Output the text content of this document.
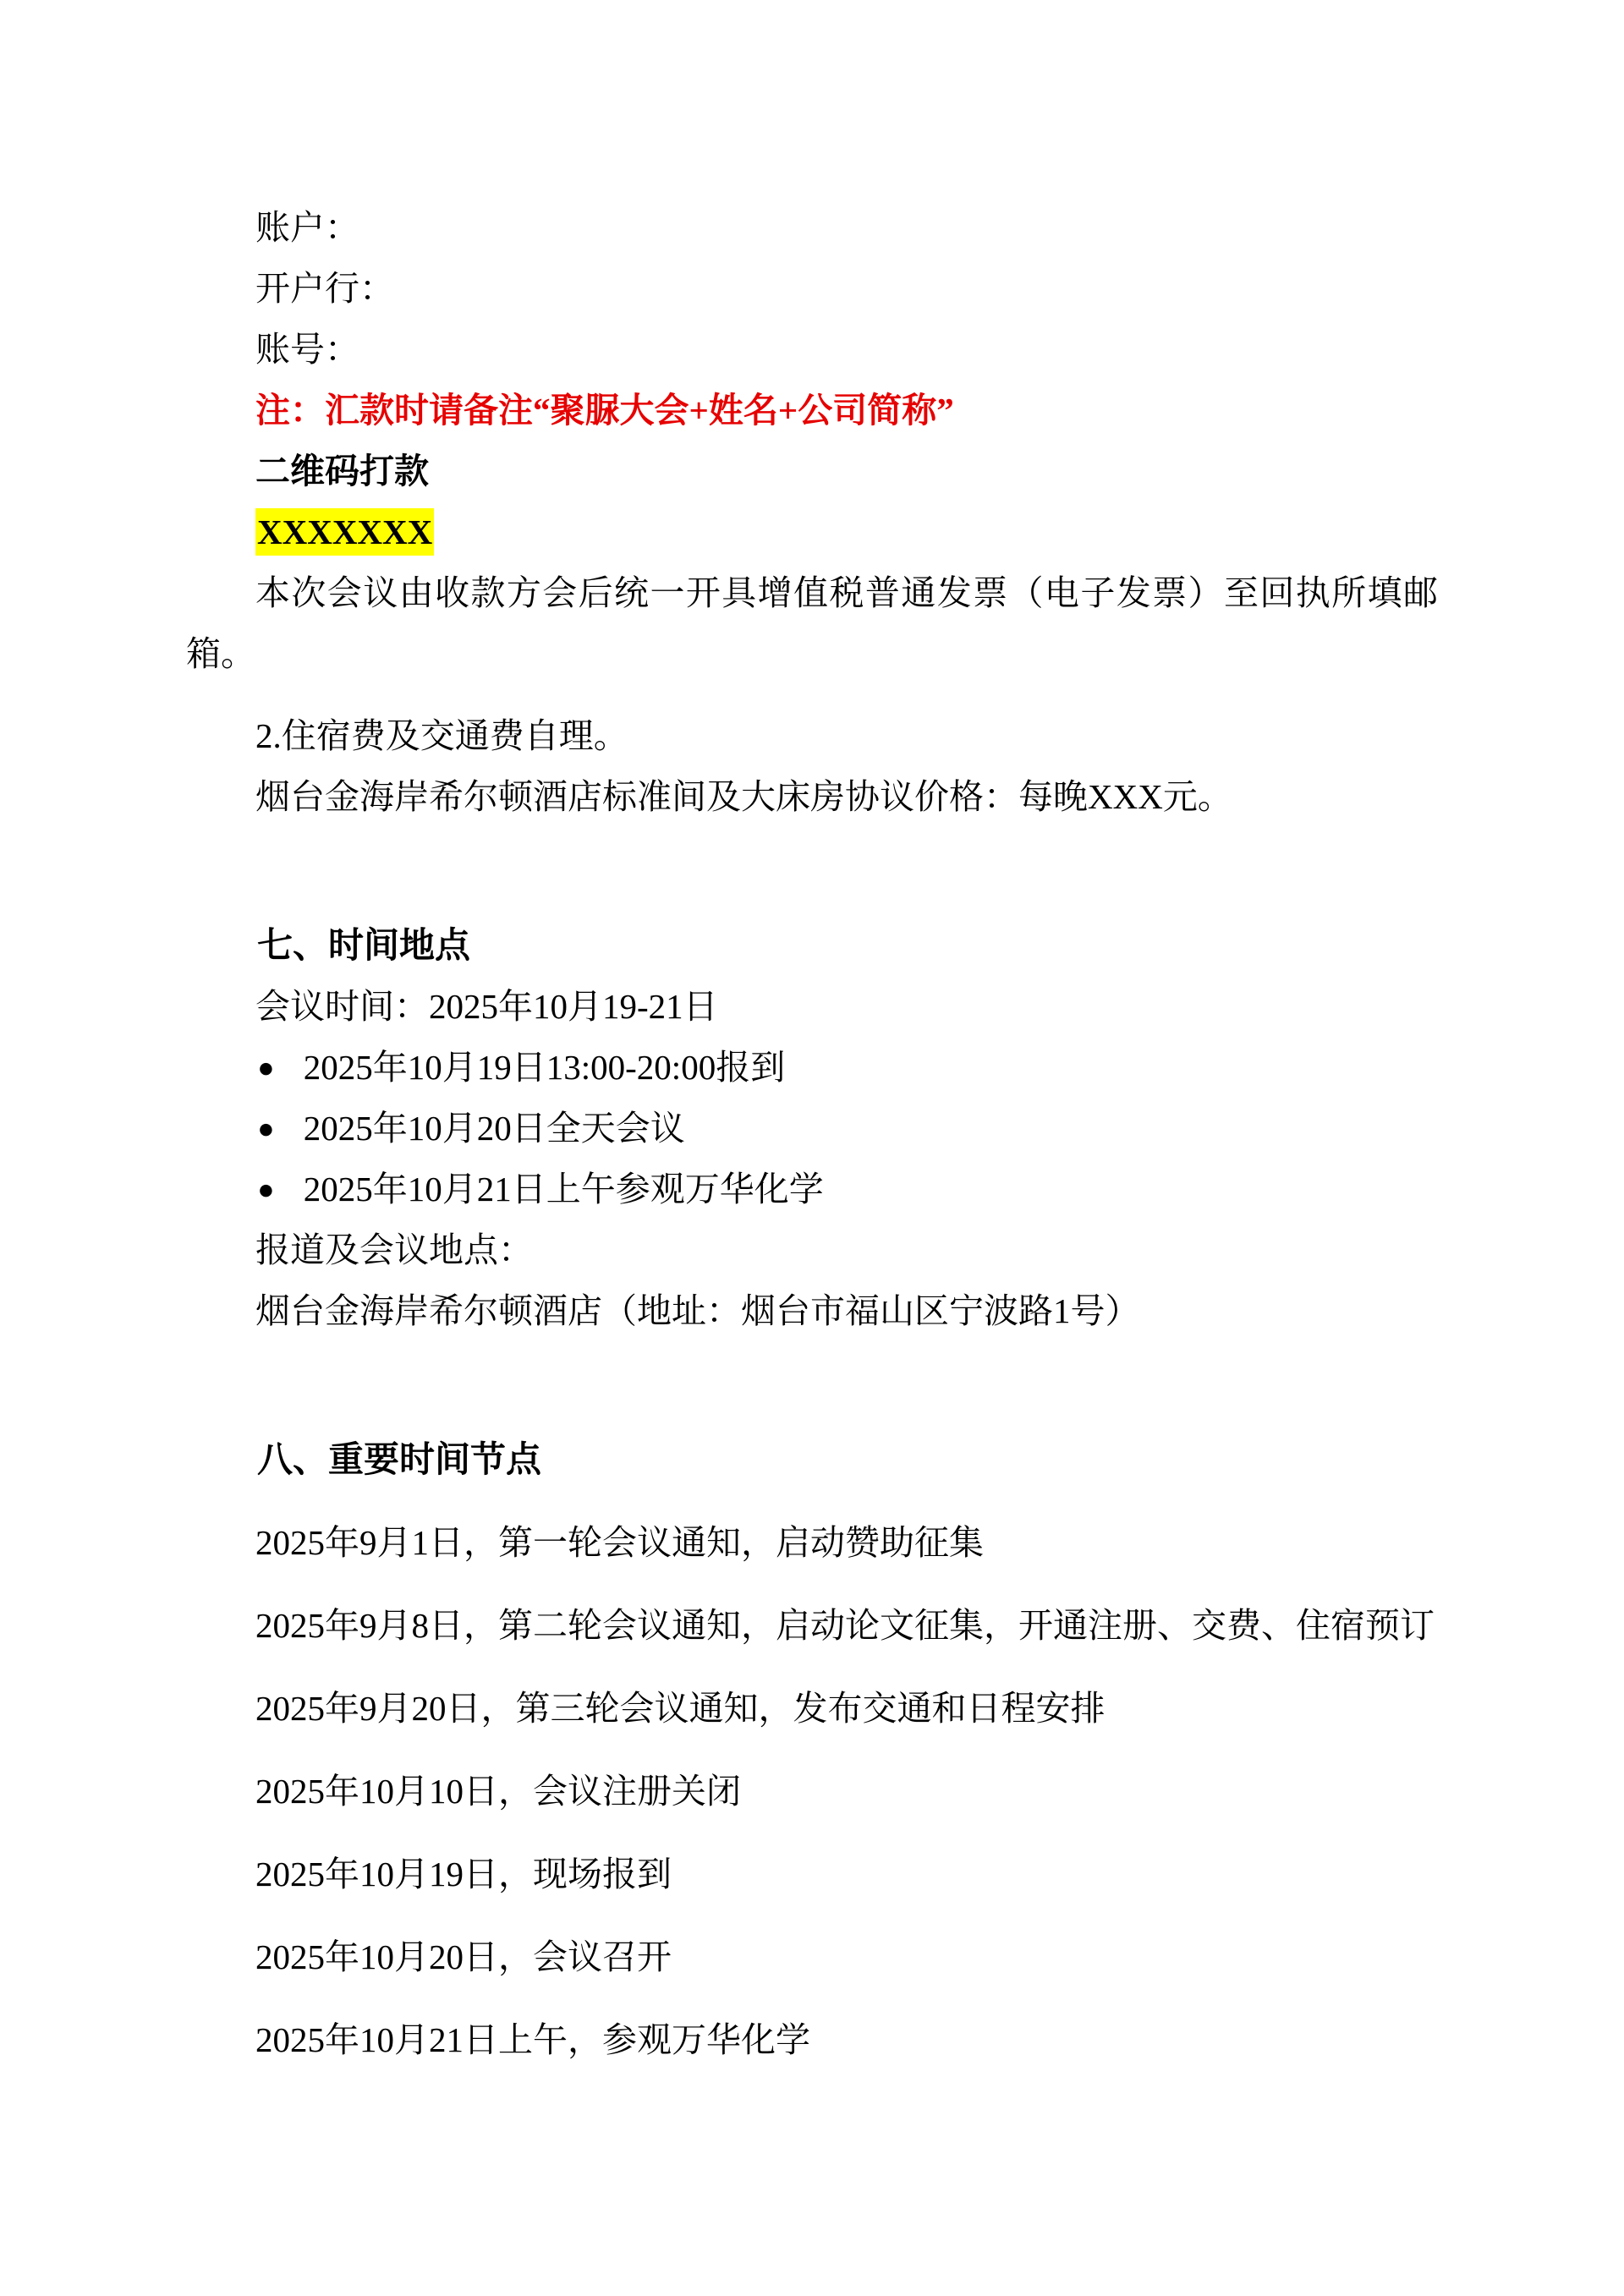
账户：

开户行：

账号：

注：汇款时请备注“聚脲大会+姓名+公司简称”

二维码打款

XXXXXXX

本次会议由收款方会后统一开具增值税普通发票（电子发票）至回执所填邮箱。

2.住宿费及交通费自理。

烟台金海岸希尔顿酒店标准间及大床房协议价格：每晚XXX元。

七、时间地点

会议时间：2025年10月19-21日

● 2025年10月19日13:00-20:00报到

● 2025年10月20日全天会议

● 2025年10月21日上午参观万华化学

报道及会议地点：

烟台金海岸希尔顿酒店（地址：烟台市福山区宁波路1号）

八、重要时间节点

2025年9月1日，第一轮会议通知，启动赞助征集

2025年9月8日，第二轮会议通知，启动论文征集，开通注册、交费、住宿预订

2025年9月20日，第三轮会议通知，发布交通和日程安排

2025年10月10日，会议注册关闭

2025年10月19日，现场报到

2025年10月20日，会议召开

2025年10月21日上午，参观万华化学
